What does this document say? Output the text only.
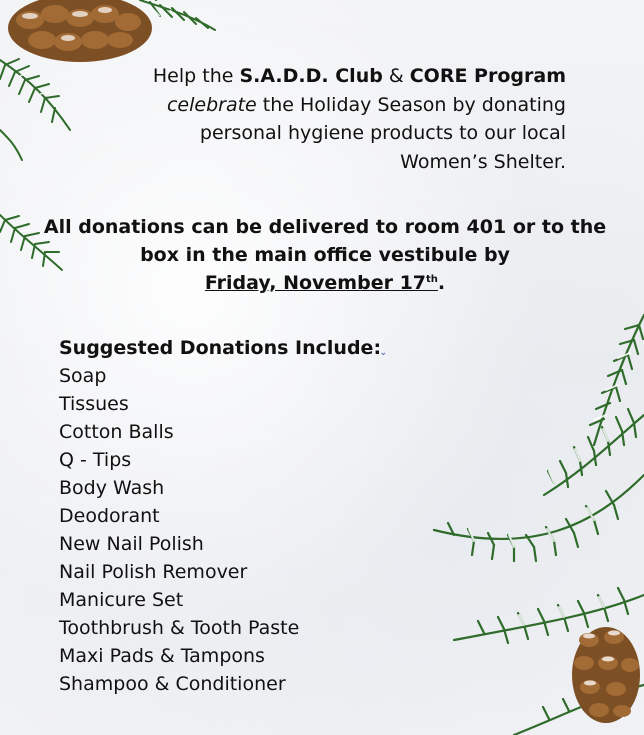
Help the S.A.D.D. Club & CORE Program
celebrate the Holiday Season by donating
personal hygiene products to our local
Women’s Shelter.
All donations can be delivered to room 401 or to the
box in the main office vestibule by
Friday, November 17th.
Suggested Donations Include:
⌄
Soap
Tissues
Cotton Balls
Q - Tips
Body Wash
Deodorant
New Nail Polish
Nail Polish Remover
Manicure Set
Toothbrush & Tooth Paste
Maxi Pads & Tampons
Shampoo & Conditioner
